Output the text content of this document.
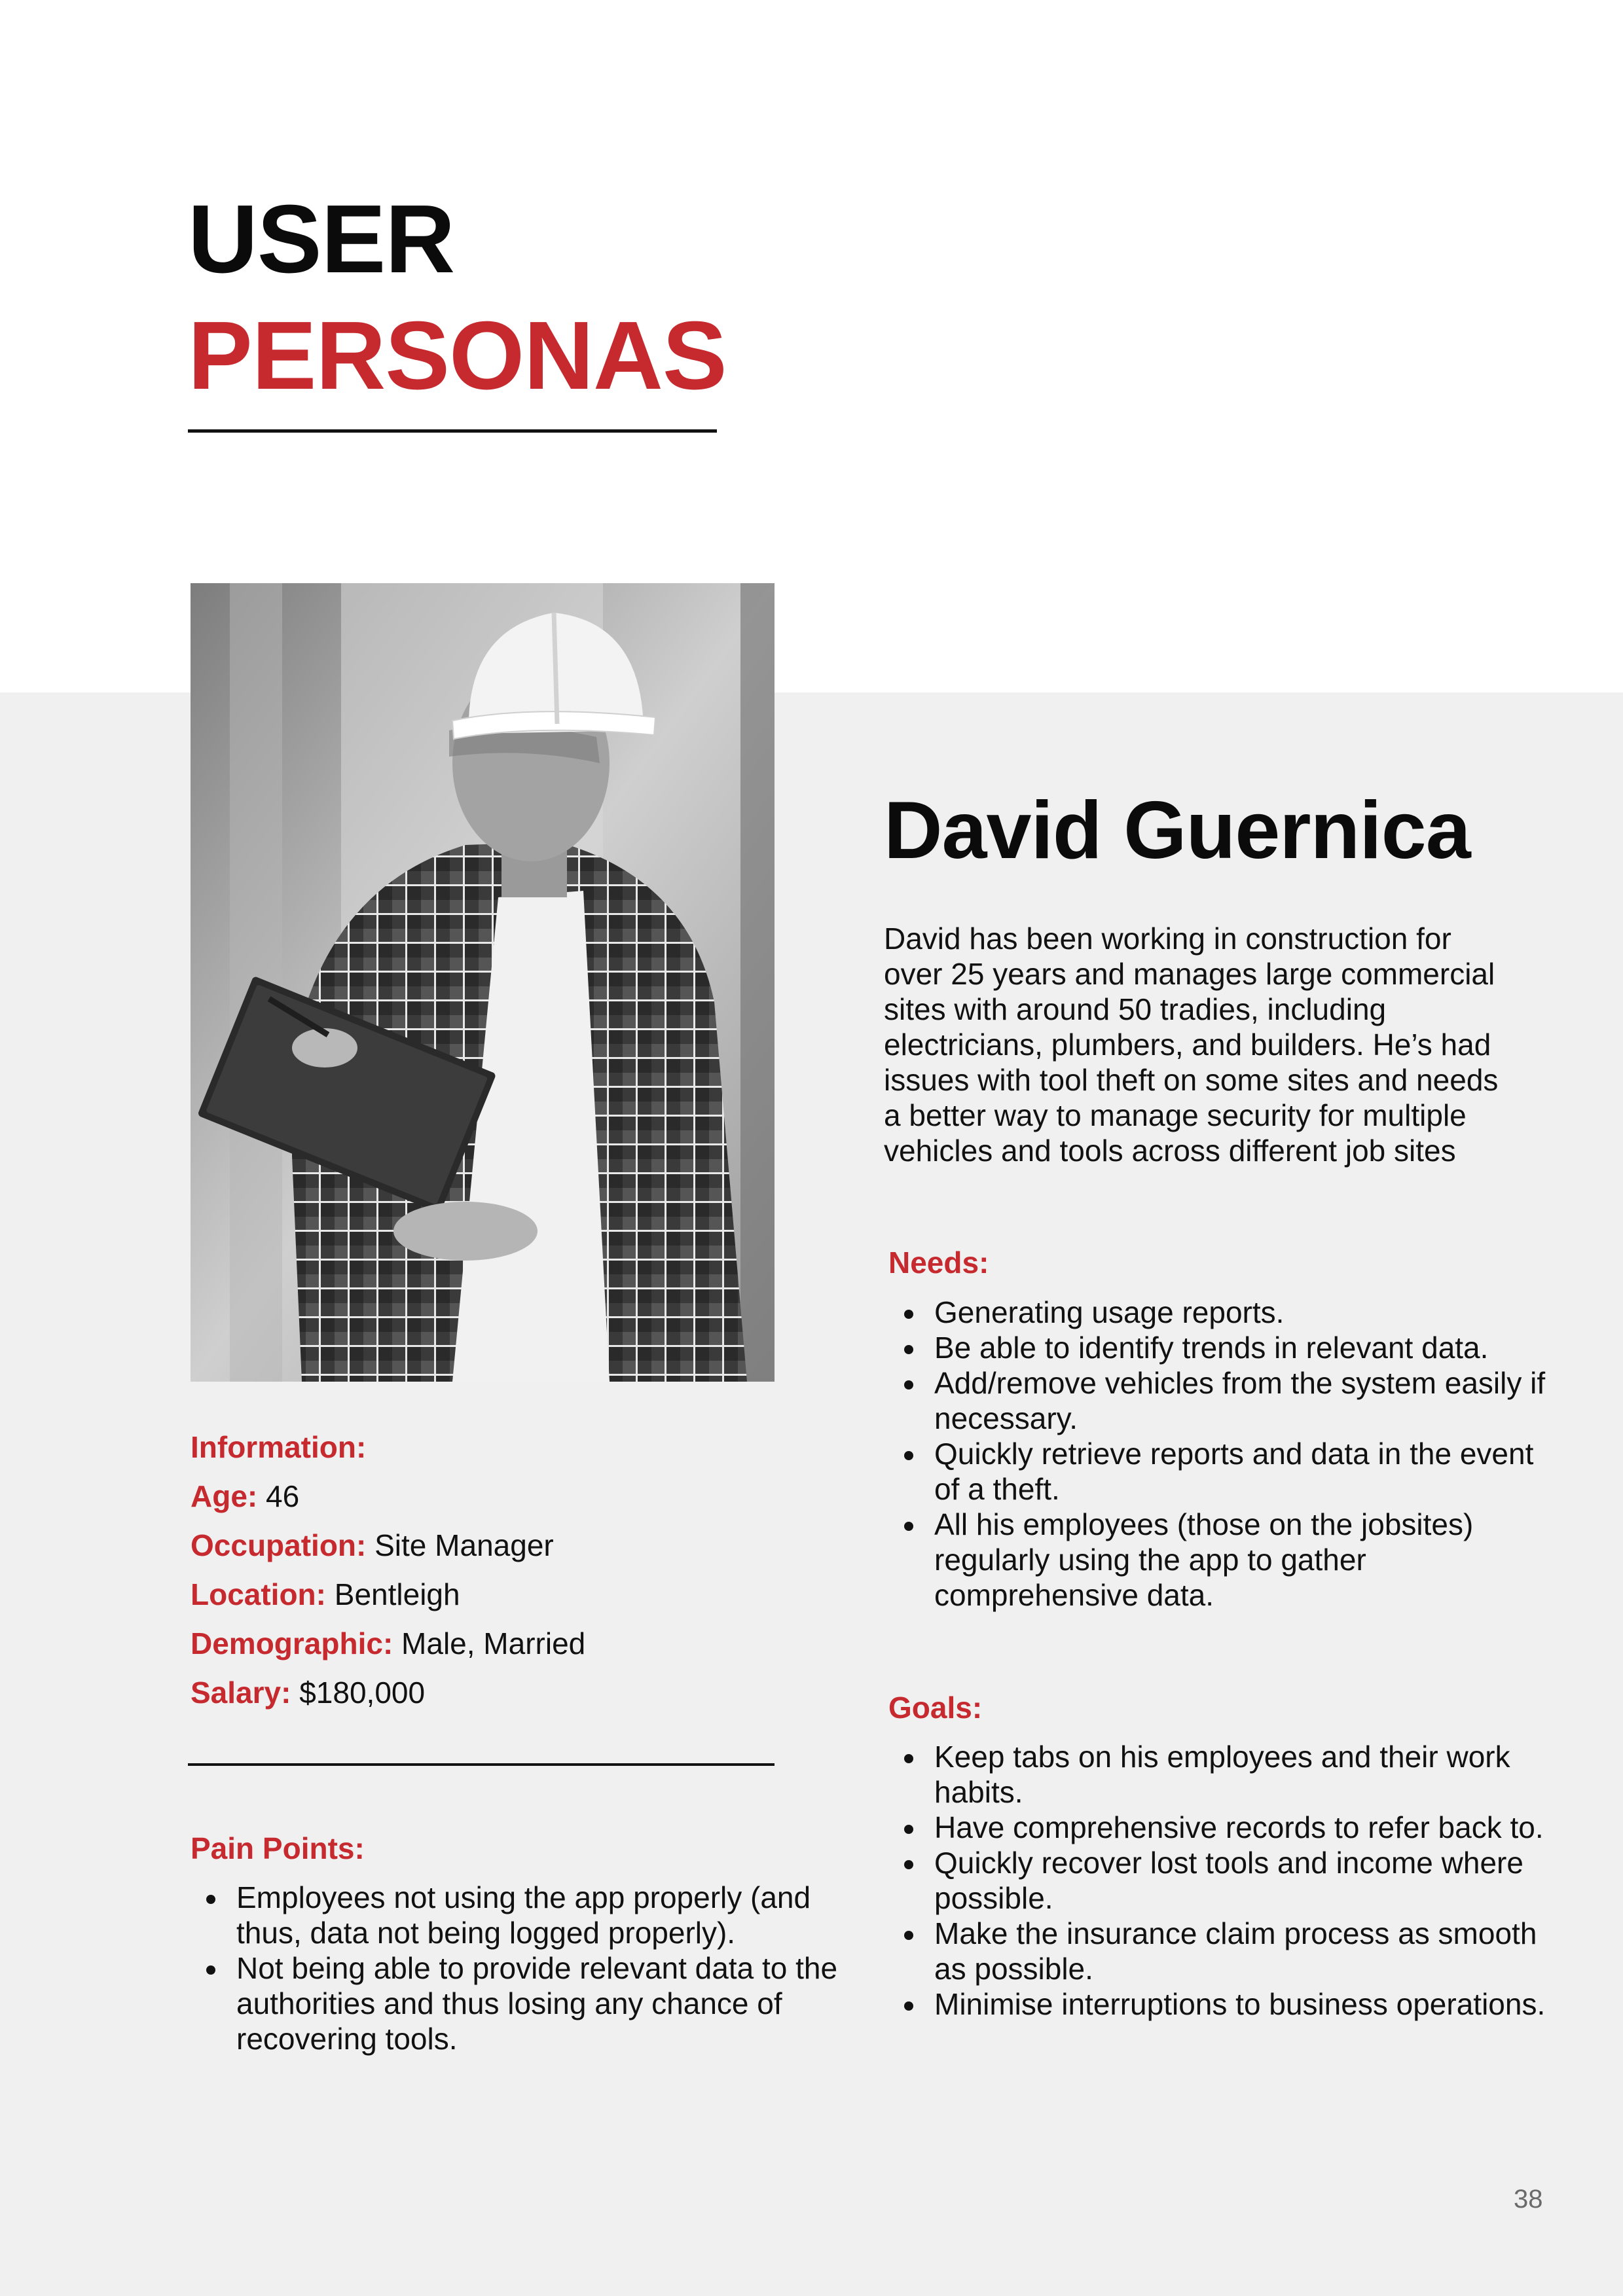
USER
PERSONAS
David Guernica

David has been working in construction for over 25 years and manages large commercial sites with around 50 tradies, including electricians, plumbers, and builders. He’s had issues with tool theft on some sites and needs a better way to manage security for multiple vehicles and tools across different job sites

Information:

Age: 46

Occupation: Site Manager

Location: Bentleigh

Demographic: Male, Married

Salary: $180,000

Pain Points:

Employees not using the app properly (and thus, data not being logged properly).
Not being able to provide relevant data to the authorities and thus losing any chance of recovering tools.

Needs:

Generating usage reports.
Be able to identify trends in relevant data.
Add/remove vehicles from the system easily if necessary.
Quickly retrieve reports and data in the event of a theft.
All his employees (those on the jobsites) regularly using the app to gather comprehensive data.

Goals:

Keep tabs on his employees and their work habits.
Have comprehensive records to refer back to.
Quickly recover lost tools and income where possible.
Make the insurance claim process as smooth as possible.
Minimise interruptions to business operations.
38
